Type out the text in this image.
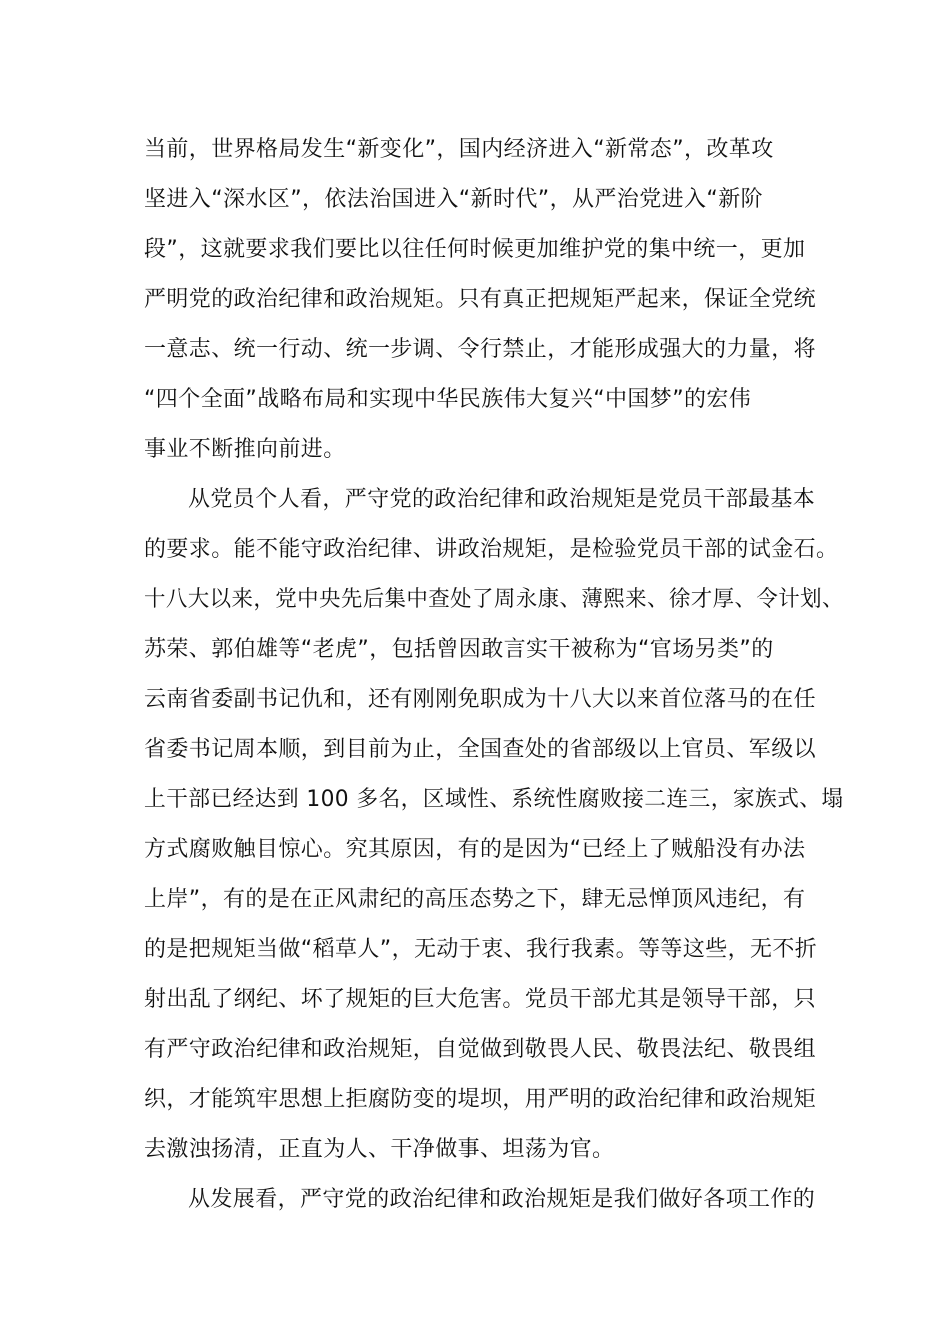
当前，世界格局发生“新变化”，国内经济进入“新常态”，改革攻
坚进入“深水区”，依法治国进入“新时代”，从严治党进入“新阶
段”，这就要求我们要比以往任何时候更加维护党的集中统一，更加
严明党的政治纪律和政治规矩。只有真正把规矩严起来，保证全党统
一意志、统一行动、统一步调、令行禁止，才能形成强大的力量，将
“四个全面”战略布局和实现中华民族伟大复兴“中国梦”的宏伟
事业不断推向前进。
从党员个人看，严守党的政治纪律和政治规矩是党员干部最基本
的要求。能不能守政治纪律、讲政治规矩，是检验党员干部的试金石。
十八大以来，党中央先后集中查处了周永康、薄熙来、徐才厚、令计划、
苏荣、郭伯雄等“老虎”，包括曾因敢言实干被称为“官场另类”的
云南省委副书记仇和，还有刚刚免职成为十八大以来首位落马的在任
省委书记周本顺，到目前为止，全国查处的省部级以上官员、军级以
上干部已经达到 100 多名，区域性、系统性腐败接二连三，家族式、塌
方式腐败触目惊心。究其原因，有的是因为“已经上了贼船没有办法
上岸”，有的是在正风肃纪的高压态势之下，肆无忌惮顶风违纪，有
的是把规矩当做“稻草人”，无动于衷、我行我素。等等这些，无不折
射出乱了纲纪、坏了规矩的巨大危害。党员干部尤其是领导干部，只
有严守政治纪律和政治规矩，自觉做到敬畏人民、敬畏法纪、敬畏组
织，才能筑牢思想上拒腐防变的堤坝，用严明的政治纪律和政治规矩
去激浊扬清，正直为人、干净做事、坦荡为官。
从发展看，严守党的政治纪律和政治规矩是我们做好各项工作的
